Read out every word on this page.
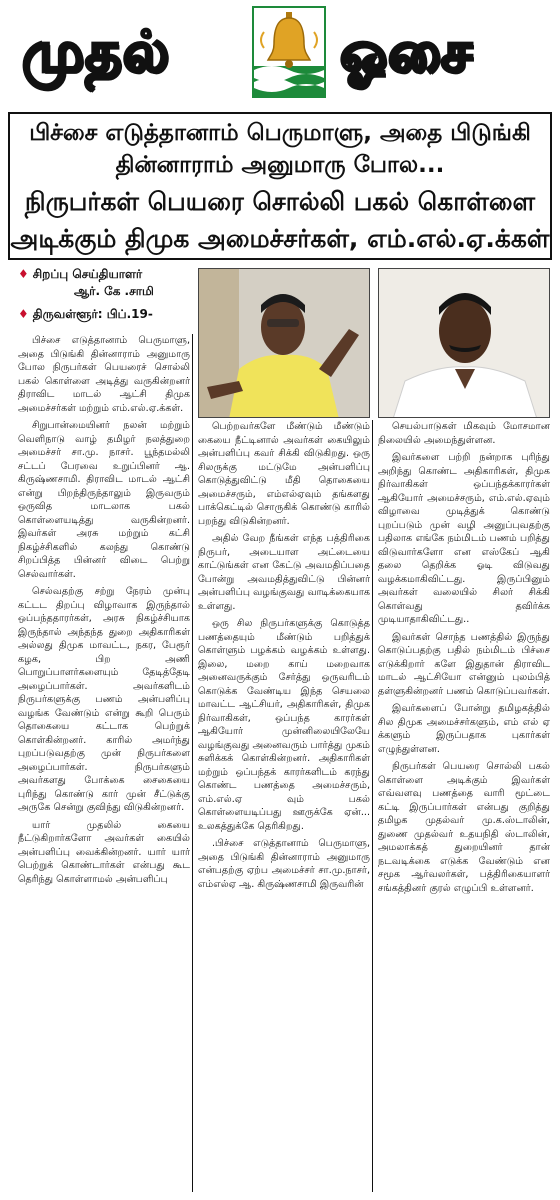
முதல்	ஓசை
பிச்சை எடுத்தானாம் பெருமாளு, அதை பிடுங்கி
தின்னாராம் அனுமாரு போல...
நிருபர்கள் பெயரை சொல்லி பகல் கொள்ளை
அடிக்கும் திமுக அமைச்சர்கள், எம்.எல்.ஏ.க்கள்
♦ சிறப்பு செய்தியாளர்
ஆர். கே .சாமி
♦ திருவள்ளூர்: பிப்.19-

பிச்சை எடுத்தானாம் பெருமாளு, அதை பிடுங்கி தின்னாராம் அனுமாரு போல நிருபர்கள் பெயரைச் சொல்லி பகல் கொள்ளை அடித்து வருகின்றனர் திராவிட மாடல் ஆட்சி திமுக அமைச்சர்கள் மற்றும் எம்.எல்.ஏ.க்கள்.

சிறுபான்மையினர் நலன் மற்றும் வெளிநாடு வாழ் தமிழர் நலத்துறை அமைச்சர் சா.மு. நாசர். பூந்தமல்லி சட்டப் பேரவை உறுப்பினர் ஆ. கிருஷ்ணசாமி. திராவிட மாடல் ஆட்சி என்று பிறந்திருந்தாலும் இருவரும் ஒருவித மாடலாக பகல் கொள்ளையடித்து வருகின்றனர். இவர்கள் அரசு மற்றும் கட்சி நிகழ்ச்சிகளில் கலந்து கொண்டு சிறப்பித்த பின்னர் விடை பெற்று செல்வார்கள்.

செல்வதற்கு சற்று நேரம் முன்பு கட்டட திறப்பு விழாவாக இருந்தால் ஒப்பந்ததாரர்கள், அரசு நிகழ்ச்சியாக இருந்தால் அந்தந்த துறை அதிகாரிகள் அல்லது திமுக மாவட்ட, நகர, பேரூர் கழக, பிற அணி பொறுப்பாளர்களையும் தேடித்தேடி அழைப்பார்கள். அவர்களிடம் நிருபர்களுக்கு பணம் அன்பளிப்பு வழங்க வேண்டும் என்று கூறி பெரும் தொகையை கட்டாக பெற்றுக் கொள்கின்றனர். காரில் அமர்ந்து புறப்படுவதற்கு முன் நிருபர்களை அழைப்பார்கள். நிருபர்களும் அவர்களது போக்கை சைகையை புரிந்து கொண்டு கார் முன் சீட்டுக்கு அருகே சென்று குவிந்து விடுகின்றனர்.

யார் முதலில் கையை நீட்டுகிறார்களோ அவர்கள் கையில் அன்பளிப்பு வைக்கின்றனர். யார் யார் பெற்றுக் கொண்டார்கள் என்பது கூட தெரிந்து கொள்ளாமல் அன்பளிப்பு

பெற்றவர்களே மீண்டும் மீண்டும் கையை நீட்டினால் அவர்கள் கையிலும் அன்பளிப்பு கவர் சிக்கி விடுகிறது. ஒரு சிலருக்கு மட்டுமே அன்பளிப்பு கொடுத்துவிட்டு மீதி தொகையை அமைச்சரும், எம்எல்ஏவும் தங்களது பாக்கெட்டில் சொருகிக் கொண்டு காரில் பறந்து விடுகின்றனர்.

அதில் வேற நீங்கள் எந்த பத்திரிகை நிருபர், அடையாள அட்டையை காட்டுங்கள் என கேட்டு அவமதிப்பதை போன்று அவமதித்துவிட்டு பின்னர் அன்பளிப்பு வழங்குவது வாடிக்கையாக உள்ளது.

ஒரு சில நிருபர்களுக்கு கொடுத்த பணத்தையும் மீண்டும் பறித்துக் கொள்ளும் பழக்கம் வழக்கம் உள்ளது. இலை, மறை காய் மறைவாக அனைவருக்கும் சேர்த்து ஒருவரிடம் கொடுக்க வேண்டிய இந்த செயலை மாவட்ட ஆட்சியர், அதிகாரிகள், திமுக நிர்வாகிகள், ஒப்பந்த காரர்கள் ஆகியோர் முன்னிலையிலேயே வழங்குவது அனைவரும் பார்த்து முகம் சுளிக்கக் கொள்கின்றனர். அதிகாரிகள் மற்றும் ஒப்பந்தக் காரர்களிடம் கரந்து கொண்ட பணத்தை அமைச்சரும், எம்.எல்.ஏ வும் பகல் கொள்ளையடிப்பது ஊருக்கே ஏன்... உலகத்துக்கே தெரிகிறது.

.பிச்சை எடுத்தானாம் பெருமாளு, அதை பிடுங்கி தின்னாராம் அனுமாரு என்பதற்கு ஏற்ப அமைச்சர் சா.மு.நாசர், எம்எல்ஏ ஆ. கிருஷ்ணசாமி இருவரின்

செயல்பாடுகள் மிகவும் மோசமான நிலையில் அமைந்துள்ளன.

இவர்களை பற்றி நன்றாக புரிந்து அறிந்து கொண்ட அதிகாரிகள், திமுக நிர்வாகிகள் ஒப்பந்தக்காரர்கள் ஆகியோர் அமைச்சரும், எம்.எல்.ஏவும் விழாவை முடித்துக் கொண்டு புறப்படும் முன் வழி அனுப்புவதற்கு பதிலாக எங்கே நம்மிடம் பணம் பறித்து விடுவார்களோ என எஸ்கேப் ஆகி தலை தெறிக்க ஓடி விடுவது வழக்கமாகிவிட்டது. இருப்பினும் அவர்கள் வலையில் சிலர் சிக்கி கொள்வது தவிர்க்க முடியாதாகிவிட்டது..

இவர்கள் சொந்த பணத்தில் இருந்து கொடுப்பதற்கு பதில் நம்மிடம் பிச்சை எடுக்கிறார் களே இதுதான் திராவிட மாடல் ஆட்சியோ என்னும் புலம்பித் தள்ளுகின்றனர் பணம் கொடுப்பவர்கள்.

இவர்களைப் போன்று தமிழகத்தில் சில திமுக அமைச்சர்களும், எம் எல் ஏ க்களும் இருப்பதாக புகார்கள் எழுந்துள்ளன.

நிருபர்கள் பெயரை சொல்லி பகல் கொள்ளை அடிக்கும் இவர்கள் எவ்வளவு பணத்தை வாரி மூட்டை கட்டி இருப்பார்கள் என்பது குறித்து தமிழக முதல்வர் மு.க.ஸ்டாலின், துணை முதல்வர் உதயநிதி ஸ்டாலின், அமலாக்கத் துறையினர் தான் நடவடிக்கை எடுக்க வேண்டும் என சமூக ஆர்வலர்கள், பத்திரிகையாளர் சங்கத்தினர் குரல் எழுப்பி உள்ளனர்.
